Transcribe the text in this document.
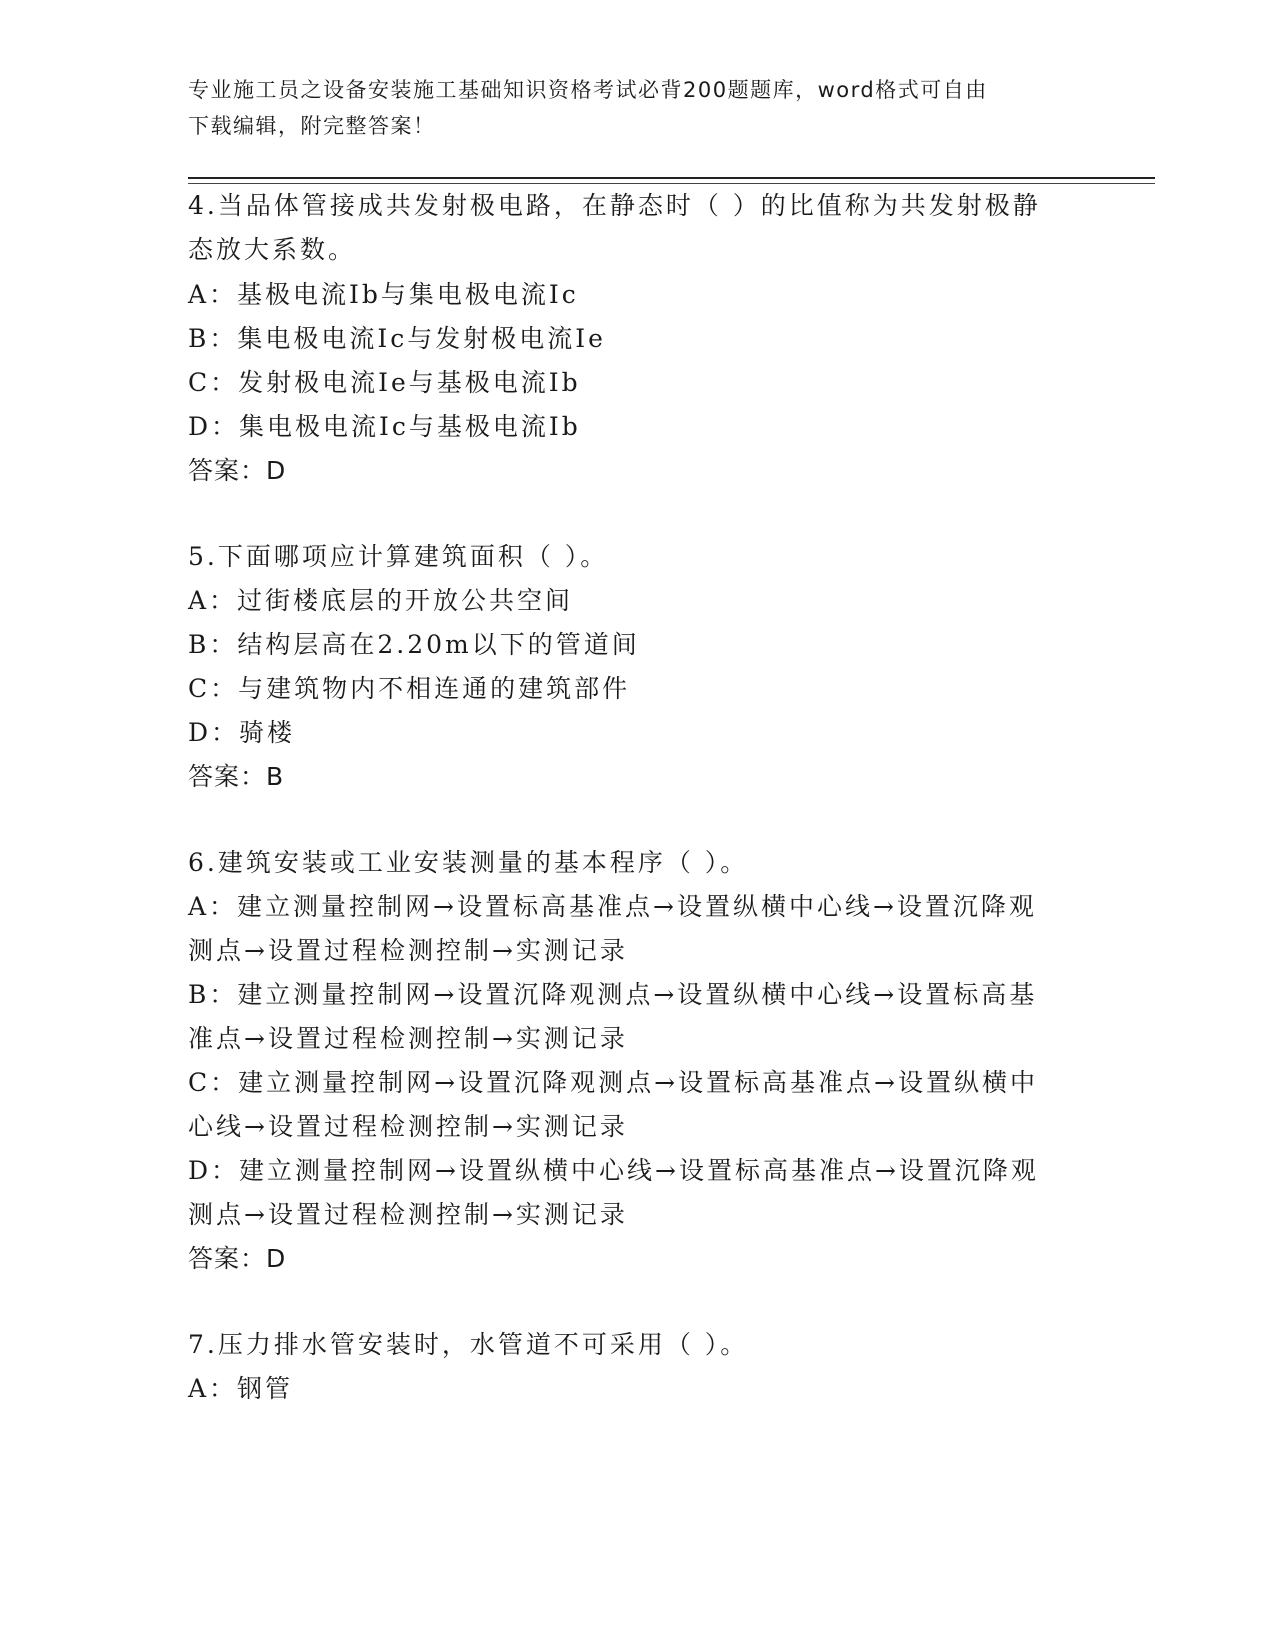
专业施工员之设备安装施工基础知识资格考试必背200题题库，word格式可自由
下载编辑，附完整答案！
4.当品体管接成共发射极电路，在静态时（ ）的比值称为共发射极静
态放大系数。
A：基极电流Ib与集电极电流Ic
B：集电极电流Ic与发射极电流Ie
C：发射极电流Ie与基极电流Ib
D：集电极电流Ic与基极电流Ib
答案：D
5.下面哪项应计算建筑面积（ ）。
A：过街楼底层的开放公共空间
B：结构层高在2.20m以下的管道间
C：与建筑物内不相连通的建筑部件
D：骑楼
答案：B
6.建筑安装或工业安装测量的基本程序（ ）。
A：建立测量控制网→设置标高基准点→设置纵横中心线→设置沉降观
测点→设置过程检测控制→实测记录
B：建立测量控制网→设置沉降观测点→设置纵横中心线→设置标高基
准点→设置过程检测控制→实测记录
C：建立测量控制网→设置沉降观测点→设置标高基准点→设置纵横中
心线→设置过程检测控制→实测记录
D：建立测量控制网→设置纵横中心线→设置标高基准点→设置沉降观
测点→设置过程检测控制→实测记录
答案：D
7.压力排水管安装时，水管道不可采用（ ）。
A：钢管
